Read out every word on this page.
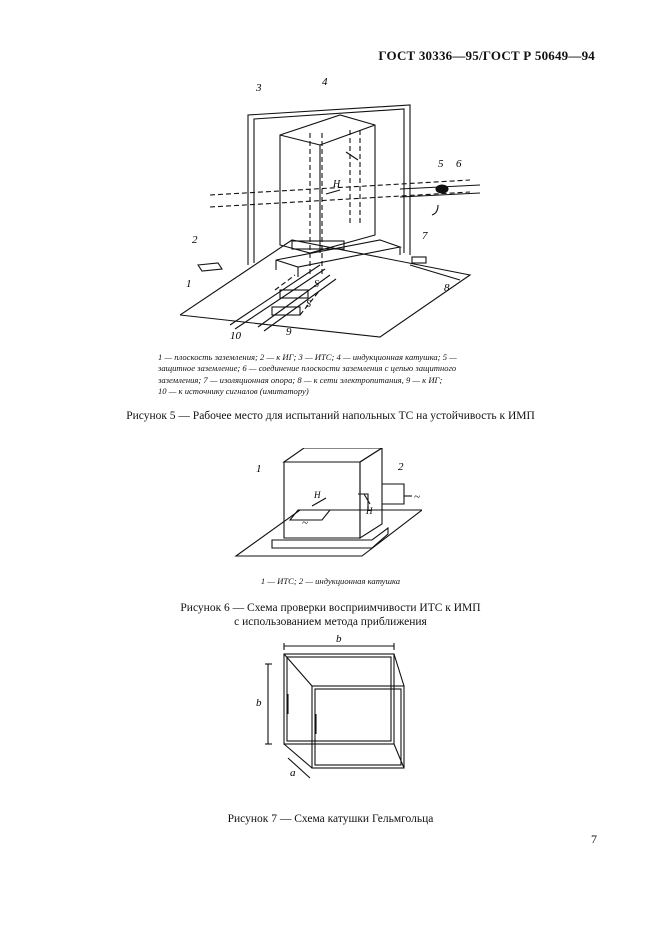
ГОСТ 30336—95/ГОСТ Р 50649—94
3	4
5 6
7
8
2
1
9
10
S
S
H
1 — плоскость заземления; 2 — к ИГ; 3 — ИТС; 4 — индукционная катушка; 5 —
защитное заземление; 6 — соединение плоскости заземления с цепью защитного
заземления; 7 — изоляционная опора; 8 — к сети электропитания, 9 — к ИГ;
10 — к источнику сигналов (имитатору)
Рисунок 5 — Рабочее место для испытаний напольных ТС на устойчивость к ИМП
1	2
H
H
~
~
1 — ИТС; 2 — индукционная катушка
Рисунок 6 — Схема проверки восприимчивости ИТС к ИМП
с использованием метода приближения
b
b
a
Рисунок 7 — Схема катушки Гельмгольца
7
